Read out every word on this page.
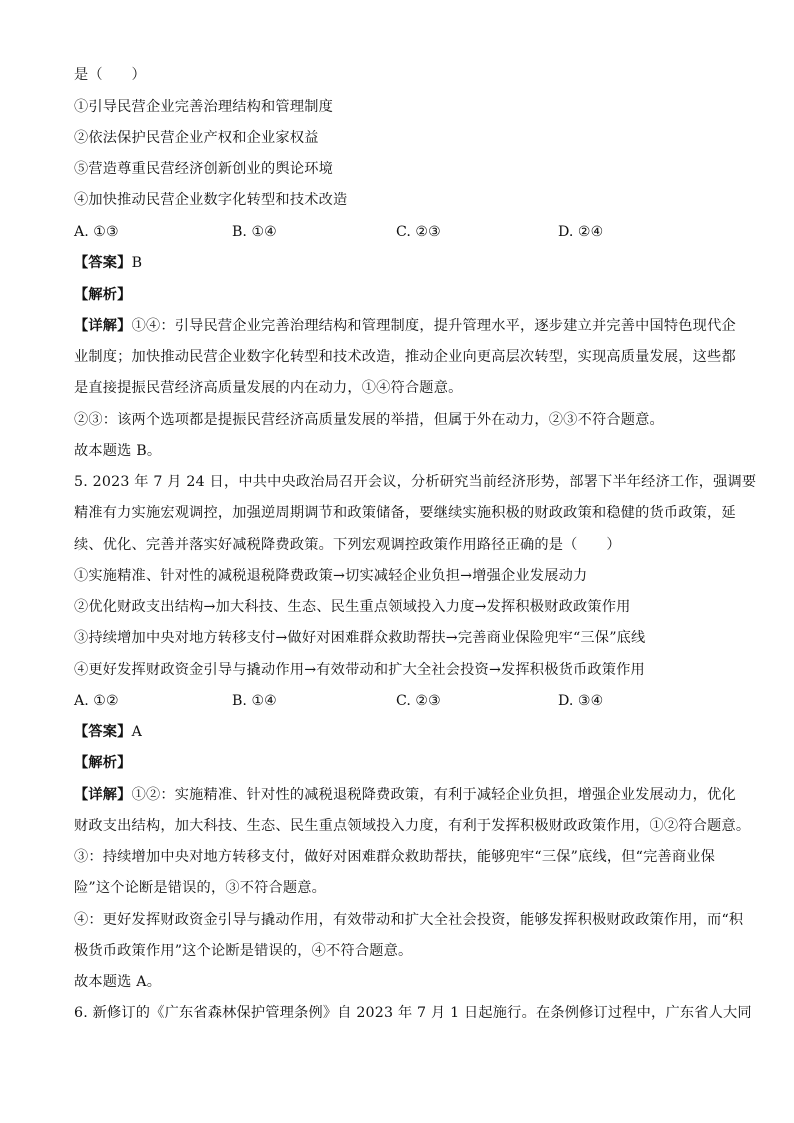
是（　　）
①引导民营企业完善治理结构和管理制度
②依法保护民营企业产权和企业家权益
⑤营造尊重民营经济创新创业的舆论环境
④加快推动民营企业数字化转型和技术改造
A. ①③	B. ①④	C. ②③	D. ②④
【答案】B
【解析】
【详解】①④：引导民营企业完善治理结构和管理制度，提升管理水平，逐步建立并完善中国特色现代企
业制度；加快推动民营企业数字化转型和技术改造，推动企业向更高层次转型，实现高质量发展，这些都
是直接提振民营经济高质量发展的内在动力，①④符合题意。
②③：该两个选项都是提振民营经济高质量发展的举措，但属于外在动力，②③不符合题意。
故本题选 B。
5. 2023 年 7 月 24 日，中共中央政治局召开会议，分析研究当前经济形势，部署下半年经济工作，强调要
精准有力实施宏观调控，加强逆周期调节和政策储备，要继续实施积极的财政政策和稳健的货币政策，延
续、优化、完善并落实好减税降费政策。下列宏观调控政策作用路径正确的是（　　）
①实施精准、针对性的减税退税降费政策→切实减轻企业负担→增强企业发展动力
②优化财政支出结构→加大科技、生态、民生重点领域投入力度→发挥积极财政政策作用
③持续增加中央对地方转移支付→做好对困难群众救助帮扶→完善商业保险兜牢“三保”底线
④更好发挥财政资金引导与撬动作用→有效带动和扩大全社会投资→发挥积极货币政策作用
A. ①②	B. ①④	C. ②③	D. ③④
【答案】A
【解析】
【详解】①②：实施精准、针对性的减税退税降费政策，有利于减轻企业负担，增强企业发展动力，优化
财政支出结构，加大科技、生态、民生重点领域投入力度，有利于发挥积极财政政策作用，①②符合题意。
③：持续增加中央对地方转移支付，做好对困难群众救助帮扶，能够兜牢“三保”底线，但“完善商业保
险”这个论断是错误的，③不符合题意。
④：更好发挥财政资金引导与撬动作用，有效带动和扩大全社会投资，能够发挥积极财政政策作用，而“积
极货币政策作用”这个论断是错误的，④不符合题意。
故本题选 A。
6. 新修订的《广东省森林保护管理条例》自 2023 年 7 月 1 日起施行。在条例修订过程中，广东省人大同
